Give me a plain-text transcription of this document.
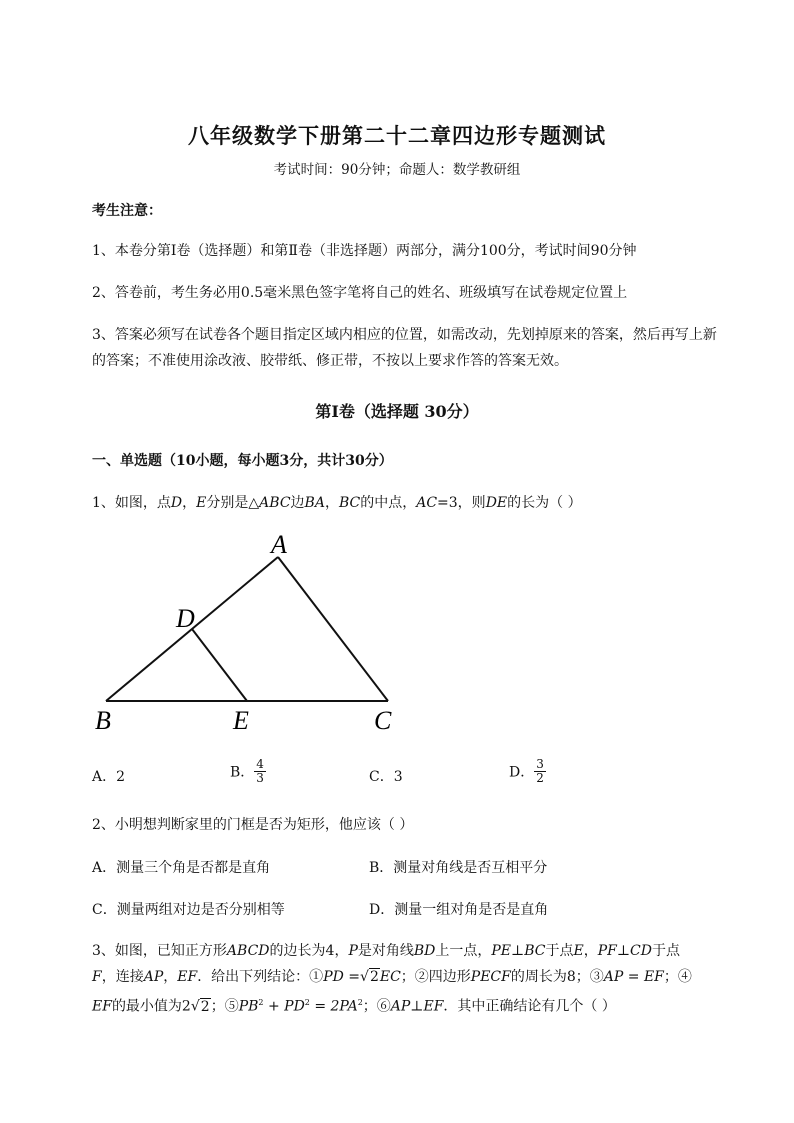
八年级数学下册第二十二章四边形专题测试
考试时间：90分钟；命题人：数学教研组
考生注意：
1、本卷分第I卷（选择题）和第Ⅱ卷（非选择题）两部分，满分100分，考试时间90分钟
2、答卷前，考生务必用0.5毫米黑色签字笔将自己的姓名、班级填写在试卷规定位置上
3、答案必须写在试卷各个题目指定区域内相应的位置，如需改动，先划掉原来的答案，然后再写上新
的答案；不准使用涂改液、胶带纸、修正带，不按以上要求作答的答案无效。
第I卷（选择题 30分）
一、单选题（10小题，每小题3分，共计30分）
1、如图，点D，E分别是△ABC边BA，BC的中点，AC=3，则DE的长为（ ）
A
D
B	E	C
A．2	B． $\frac{4}{3}$	C．3	D． $\frac{3}{2}$
2、小明想判断家里的门框是否为矩形，他应该（ ）
A．测量三个角是否都是直角	B．测量对角线是否互相平分
C．测量两组对边是否分别相等	D．测量一组对角是否是直角
3、如图，已知正方形ABCD的边长为4，P是对角线BD上一点，PE⊥BC于点E，PF⊥CD于点
F，连接AP，EF．给出下列结论：①PD =√2EC；②四边形PECF的周长为8；③AP = EF；④
EF的最小值为2√2；$⑤PB^2 + PD^2 = 2PA^2$；⑥AP⊥EF．其中正确结论有几个（ ）
